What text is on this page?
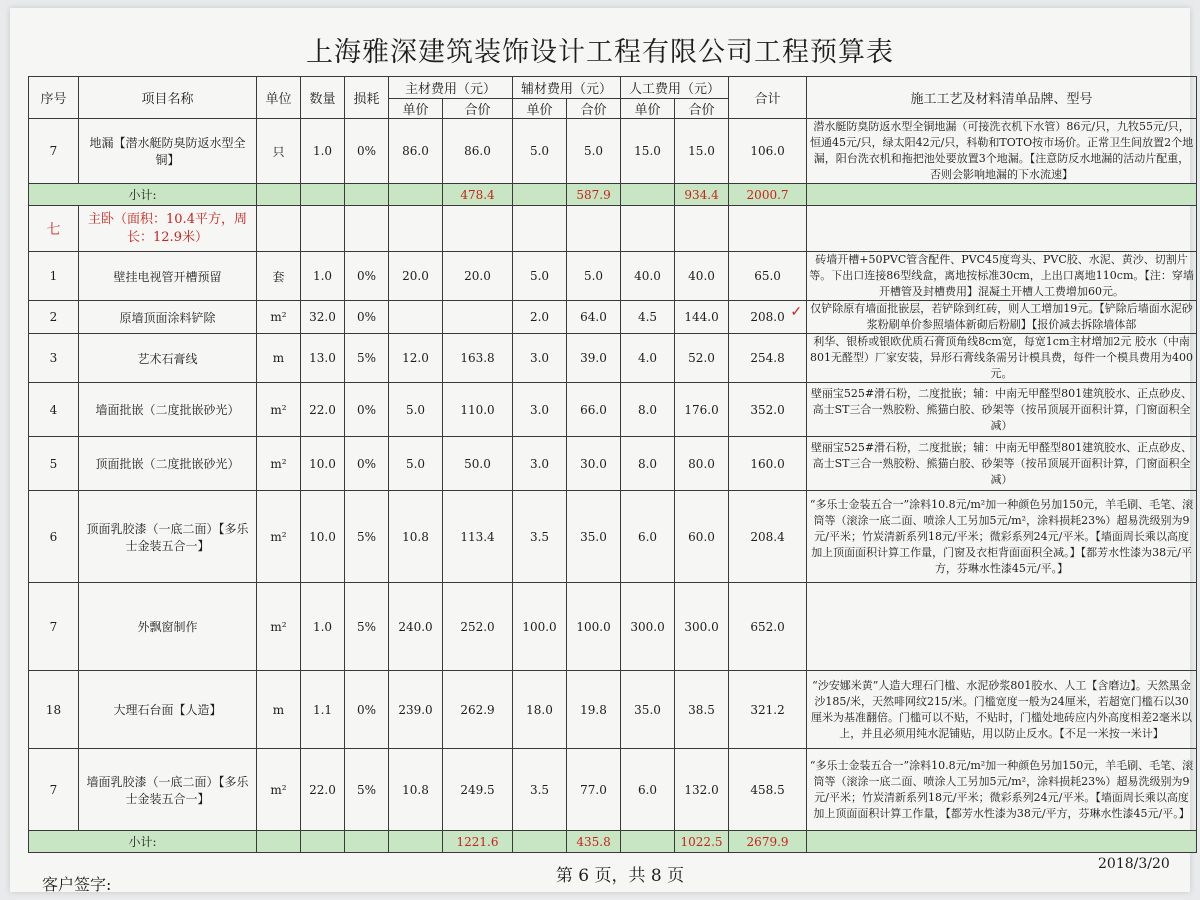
上海雅深建筑装饰设计工程有限公司工程预算表
序号	项目名称	单位	数量	损耗	主材费用（元）		辅材费用（元）		人工费用（元）		合计	施工工艺及材料清单品牌、型号
					单价	合价	单价	合价	单价	合价		
7	地漏【潜水艇防臭防返水型全铜】	只	1.0	0%	86.0	86.0	5.0	5.0	15.0	15.0	106.0	潜水艇防臭防返水型全铜地漏（可接洗衣机下水管）86元/只，九牧55元/只，恒通45元/只，绿太阳42元/只，科勒和TOTO按市场价。正常卫生间放置2个地漏，阳台洗衣机和拖把池处要放置3个地漏。【注意防反水地漏的活动片配重，否则会影响地漏的下水流速】
小计:						478.4		587.9		934.4	2000.7	
七	主卧（面积：10.4平方，周长：12.9米）											
1	壁挂电视管开槽预留	套	1.0	0%	20.0	20.0	5.0	5.0	40.0	40.0	65.0	砖墙开槽+50PVC管含配件、PVC45度弯头、PVC胶、水泥、黄沙、切割片等。下出口连接86型线盒，离地按标准30cm，上出口离地110cm。【注：穿墙开槽管及封槽费用】混凝土开槽人工费增加60元。
2	原墙顶面涂料铲除	m²	32.0	0%			2.0	64.0	4.5	144.0	208.0 ✓	仅铲除原有墙面批嵌层，若铲除到红砖，则人工增加19元。【铲除后墙面水泥砂浆粉刷单价参照墙体新砌后粉刷】【报价减去拆除墙体部
3	艺术石膏线	m	13.0	5%	12.0	163.8	3.0	39.0	4.0	52.0	254.8	利华、银桥或银欧优质石膏顶角线8cm宽，每宽1cm主材增加2元 胶水（中南801无醛型）厂家安装，异形石膏线条需另计模具费，每件一个模具费用为400元。
4	墙面批嵌（二度批嵌砂光）	m²	22.0	0%	5.0	110.0	3.0	66.0	8.0	176.0	352.0	壁丽宝525#滑石粉，二度批嵌；辅：中南无甲醛型801建筑胶水、正点砂皮、高士ST三合一熟胶粉、熊猫白胶、砂架等（按吊顶展开面积计算，门窗面积全减）
5	顶面批嵌（二度批嵌砂光）	m²	10.0	0%	5.0	50.0	3.0	30.0	8.0	80.0	160.0	壁丽宝525#滑石粉，二度批嵌；辅：中南无甲醛型801建筑胶水、正点砂皮、高士ST三合一熟胶粉、熊猫白胶、砂架等（按吊顶展开面积计算，门窗面积全减）
6	顶面乳胶漆（一底二面）【多乐士金装五合一】	m²	10.0	5%	10.8	113.4	3.5	35.0	6.0	60.0	208.4	“多乐士金装五合一”涂料10.8元/m²加一种颜色另加150元，羊毛刷、毛笔、滚筒等（滚涂一底二面、喷涂人工另加5元/m²，涂料损耗23%）超易洗级别为9元/平米；竹炭清新系列18元/平米；微彩系列24元/平米。【墙面周长乘以高度加上顶面面积计算工作量，门窗及衣柜背面面积全减。】【都芳水性漆为38元/平方，芬琳水性漆45元/平。】
7	外飘窗制作	m²	1.0	5%	240.0	252.0	100.0	100.0	300.0	300.0	652.0	
18	大理石台面【人造】	m	1.1	0%	239.0	262.9	18.0	19.8	35.0	38.5	321.2	“沙安娜米黄”人造大理石门槛、水泥砂浆801胶水、人工【含磨边】。天然黑金沙185/米，天然啡网纹215/米。门槛宽度一般为24厘米，若超宽门槛石以30厘米为基准翻倍。门槛可以不贴，不贴时，门槛处地砖应内外高度相差2毫米以上，并且必须用纯水泥铺贴，用以防止反水。【不足一米按一米计】
7	墙面乳胶漆（一底二面）【多乐士金装五合一】	m²	22.0	5%	10.8	249.5	3.5	77.0	6.0	132.0	458.5	“多乐士金装五合一”涂料10.8元/m²加一种颜色另加150元，羊毛刷、毛笔、滚筒等（滚涂一底二面、喷涂人工另加5元/m²，涂料损耗23%）超易洗级别为9元/平米；竹炭清新系列18元/平米；微彩系列24元/平米。【墙面周长乘以高度加上顶面面积计算工作量，【都芳水性漆为38元/平方，芬琳水性漆45元/平。】
小计:						1221.6		435.8		1022.5	2679.9	
客户签字:	第 6 页，共 8 页
2018/3/20
